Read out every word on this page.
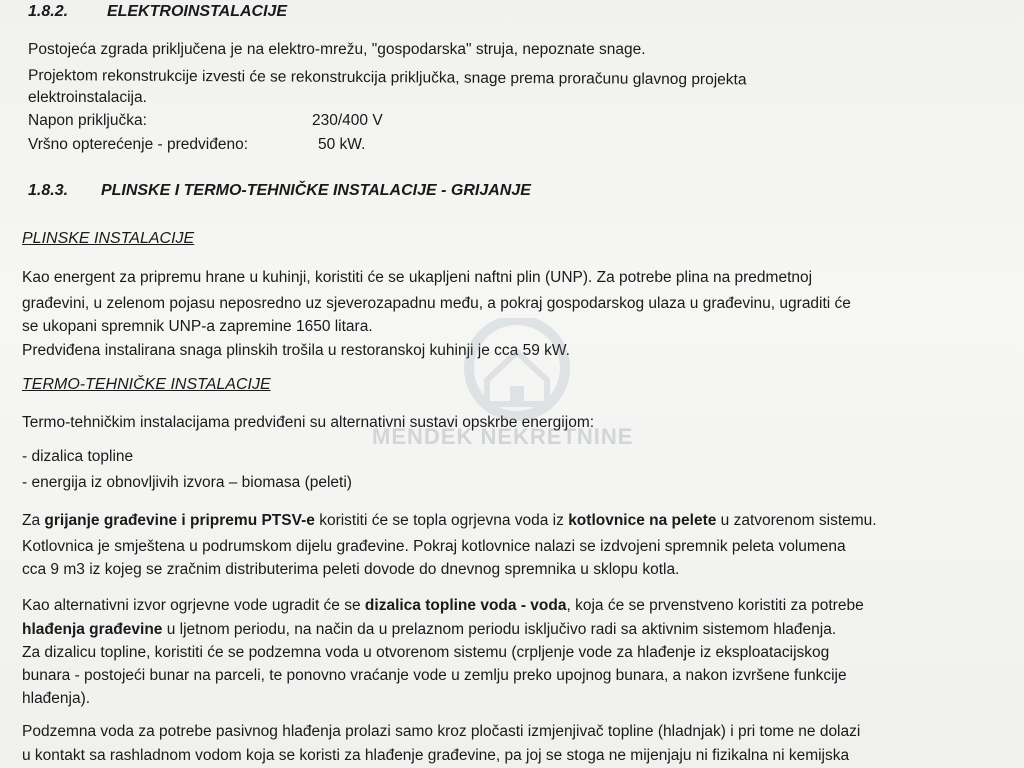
1.8.2. ELEKTROINSTALACIJE
Postojeća zgrada priključena je na elektro-mrežu, "gospodarska" struja, nepoznate snage.
Projektom rekonstrukcije izvesti će se rekonstrukcija priključka, snage prema proračunu glavnog projekta
elektroinstalacija.
Napon priključka:	230/400 V
Vršno opterećenje - predviđeno:	50 kW.
1.8.3. PLINSKE I TERMO-TEHNIČKE INSTALACIJE - GRIJANJE
PLINSKE INSTALACIJE
Kao energent za pripremu hrane u kuhinji, koristiti će se ukapljeni naftni plin (UNP). Za potrebe plina na predmetnoj
građevini, u zelenom pojasu neposredno uz sjeverozapadnu među, a pokraj gospodarskog ulaza u građevinu, ugraditi će
se ukopani spremnik UNP-a zapremine 1650 litara.
Predviđena instalirana snaga plinskih trošila u restoranskoj kuhinji je cca 59 kW.
TERMO-TEHNIČKE INSTALACIJE
Termo-tehničkim instalacijama predviđeni su alternativni sustavi opskrbe energijom:
- dizalica topline
- energija iz obnovljivih izvora – biomasa (peleti)
Za grijanje građevine i pripremu PTSV-e koristiti će se topla ogrjevna voda iz kotlovnice na pelete u zatvorenom sistemu.
Kotlovnica je smještena u podrumskom dijelu građevine. Pokraj kotlovnice nalazi se izdvojeni spremnik peleta volumena
cca 9 m3 iz kojeg se zračnim distributerima peleti dovode do dnevnog spremnika u sklopu kotla.
Kao alternativni izvor ogrjevne vode ugradit će se dizalica topline voda - voda, koja će se prvenstveno koristiti za potrebe
hlađenja građevine u ljetnom periodu, na način da u prelaznom periodu isključivo radi sa aktivnim sistemom hlađenja.
Za dizalicu topline, koristiti će se podzemna voda u otvorenom sistemu (crpljenje vode za hlađenje iz eksploatacijskog
bunara - postojeći bunar na parceli, te ponovno vraćanje vode u zemlju preko upojnog bunara, a nakon izvršene funkcije
hlađenja).
Podzemna voda za potrebe pasivnog hlađenja prolazi samo kroz pločasti izmjenjivač topline (hladnjak) i pri tome ne dolazi
u kontakt sa rashladnom vodom koja se koristi za hlađenje građevine, pa joj se stoga ne mijenjaju ni fizikalna ni kemijska
MENDEK NEKRETNINE
